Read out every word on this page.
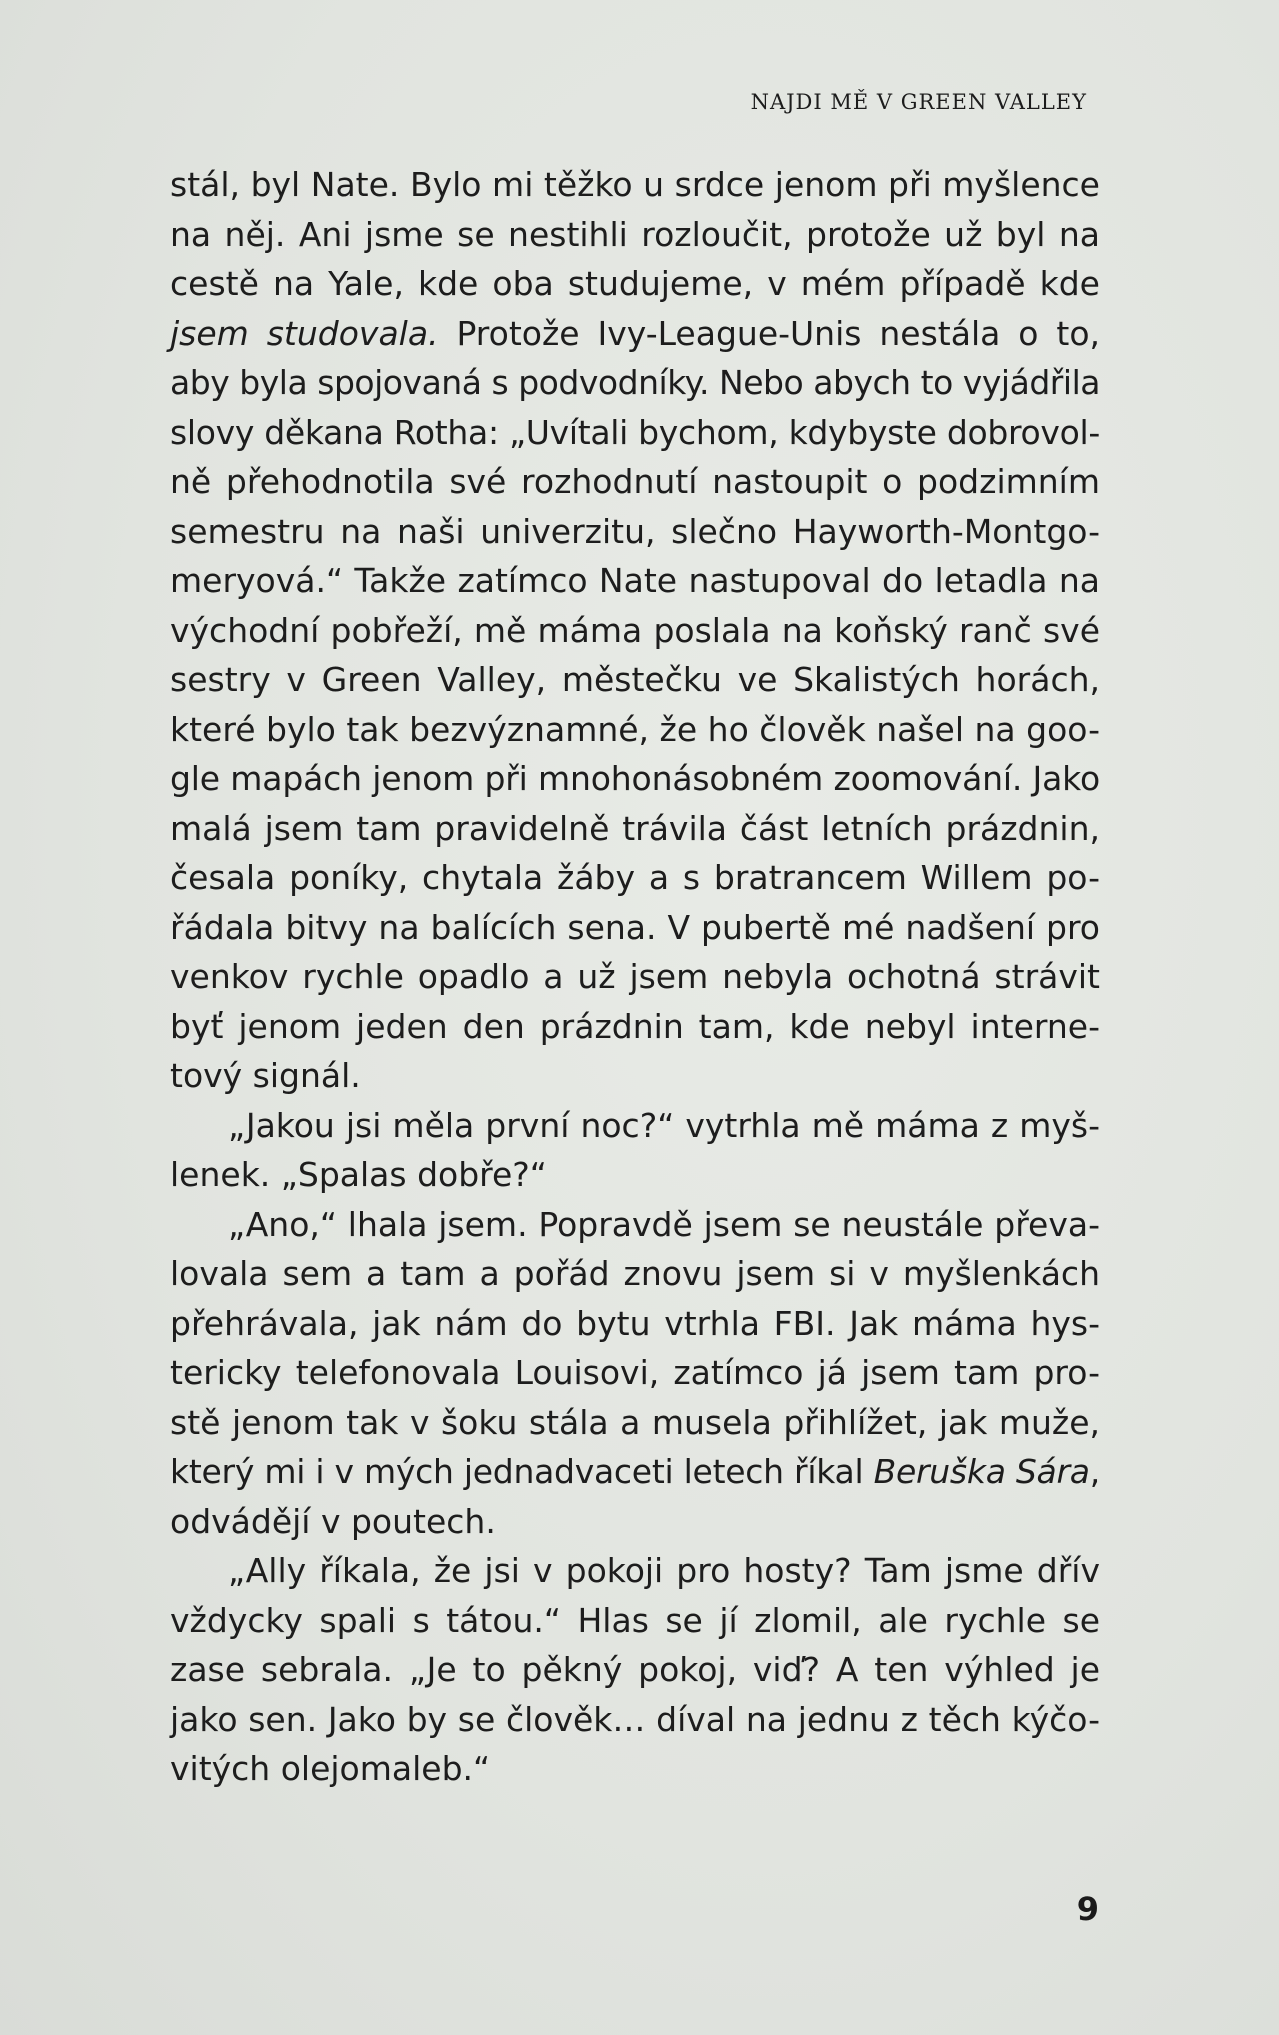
NAJDI MĚ V GREEN VALLEY
stál, byl Nate. Bylo mi těžko u srdce jenom při myšlence
na něj. Ani jsme se nestihli rozloučit, protože už byl na
cestě na Yale, kde oba studujeme, v mém případě kde
jsem studovala. Protože Ivy-League-Unis nestála o to,
aby byla spojovaná s podvodníky. Nebo abych to vyjádřila
slovy děkana Rotha: „Uvítali bychom, kdybyste dobrovol-
ně přehodnotila své rozhodnutí nastoupit o podzimním
semestru na naši univerzitu, slečno Hayworth-Montgo-
meryová.“ Takže zatímco Nate nastupoval do letadla na
východní pobřeží, mě máma poslala na koňský ranč své
sestry v Green Valley, městečku ve Skalistých horách,
které bylo tak bezvýznamné, že ho člověk našel na goo-
gle mapách jenom při mnohonásobném zoomování. Jako
malá jsem tam pravidelně trávila část letních prázdnin,
česala poníky, chytala žáby a s bratrancem Willem po-
řádala bitvy na balících sena. V pubertě mé nadšení pro
venkov rychle opadlo a už jsem nebyla ochotná strávit
byť jenom jeden den prázdnin tam, kde nebyl interne-
tový signál.
„Jakou jsi měla první noc?“ vytrhla mě máma z myš-
lenek. „Spalas dobře?“
„Ano,“ lhala jsem. Popravdě jsem se neustále převa-
lovala sem a tam a pořád znovu jsem si v myšlenkách
přehrávala, jak nám do bytu vtrhla FBI. Jak máma hys-
tericky telefonovala Louisovi, zatímco já jsem tam pro-
stě jenom tak v šoku stála a musela přihlížet, jak muže,
který mi i v mých jednadvaceti letech říkal Beruška Sára,
odvádějí v poutech.
„Ally říkala, že jsi v pokoji pro hosty? Tam jsme dřív
vždycky spali s tátou.“ Hlas se jí zlomil, ale rychle se
zase sebrala. „Je to pěkný pokoj, viď? A ten výhled je
jako sen. Jako by se člověk… díval na jednu z těch kýčo-
vitých olejomaleb.“
9
